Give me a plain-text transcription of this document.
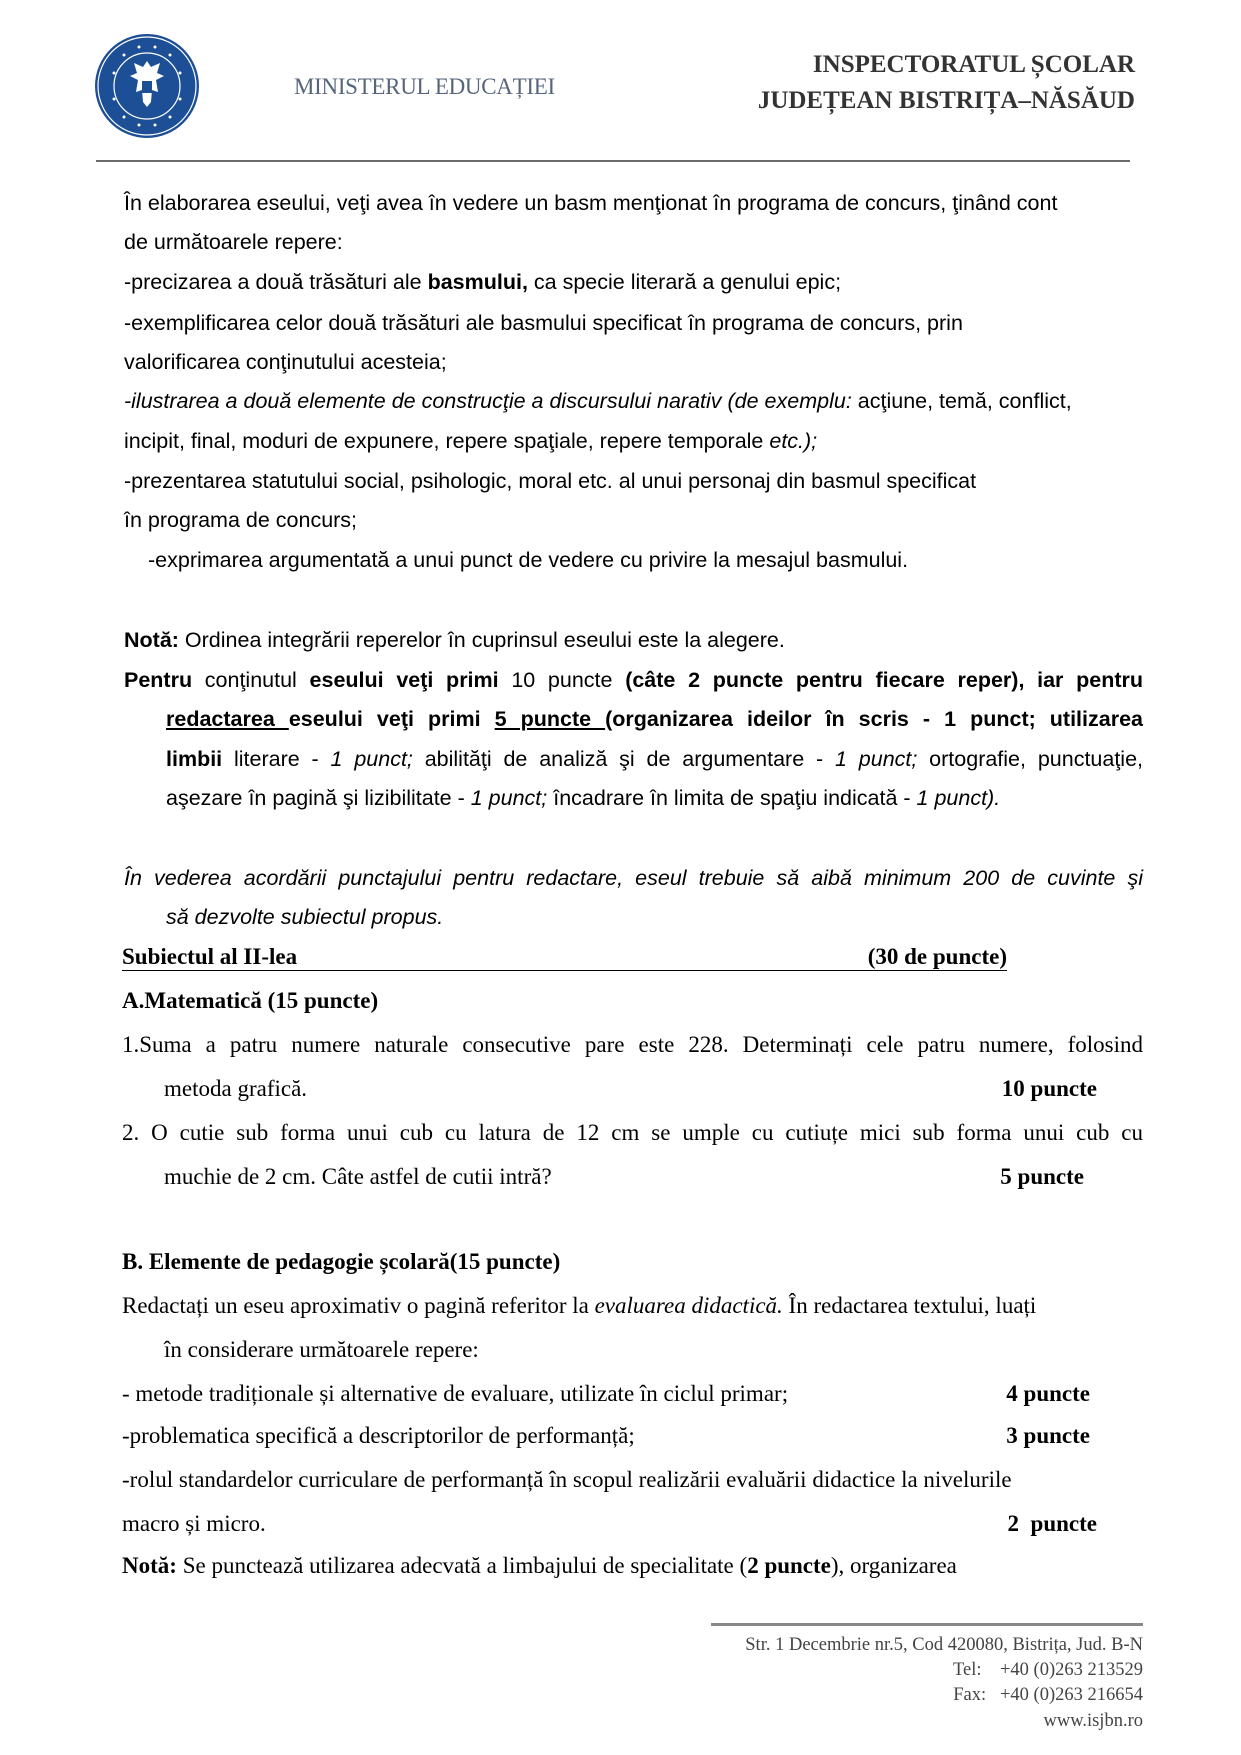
MINISTERUL EDUCAȚIEI
INSPECTORATUL ȘCOLAR
JUDEȚEAN BISTRIȚA–NĂSĂUD
În elaborarea eseului, veţi avea în vedere un basm menţionat în programa de concurs, ţinând cont
de următoarele repere:
-precizarea a două trăsături ale basmului, ca specie literară a genului epic;
-exemplificarea celor două trăsături ale basmului specificat în programa de concurs, prin
valorificarea conţinutului acesteia;
-ilustrarea a două elemente de construcţie a discursului narativ (de exemplu: acţiune, temă, conflict,
incipit, final, moduri de expunere, repere spaţiale, repere temporale etc.);
-prezentarea statutului social, psihologic, moral etc. al unui personaj din basmul specificat
în programa de concurs;
-exprimarea argumentată a unui punct de vedere cu privire la mesajul basmului.
Notă: Ordinea integrării reperelor în cuprinsul eseului este la alegere.
Pentru conţinutul eseului veţi primi 10 puncte (câte 2 puncte pentru fiecare reper), iar pentru
redactarea eseului veţi primi 5 puncte (organizarea ideilor în scris - 1 punct; utilizarea
limbii literare - 1 punct; abilităţi de analiză şi de argumentare - 1 punct; ortografie, punctuaţie,
aşezare în pagină şi lizibilitate - 1 punct; încadrare în limita de spaţiu indicată - 1 punct).
În vederea acordării punctajului pentru redactare, eseul trebuie să aibă minimum 200 de cuvinte şi
să dezvolte subiectul propus.
Subiectul al II-lea	(30 de puncte)
A.Matematică (15 puncte)
1.Suma a patru numere naturale consecutive pare este 228. Determinați cele patru numere, folosind
metoda grafică.
2. O cutie sub forma unui cub cu latura de 12 cm se umple cu cutiuțe mici sub forma unui cub cu
muchie de 2 cm. Câte astfel de cutii intră?
B. Elemente de pedagogie școlară(15 puncte)
Redactați un eseu aproximativ o pagină referitor la evaluarea didactică. În redactarea textului, luați
în considerare următoarele repere:
- metode tradiționale și alternative de evaluare, utilizate în ciclul primar;
-problematica specifică a descriptorilor de performanță;
-rolul standardelor curriculare de performanță în scopul realizării evaluării didactice la nivelurile
macro și micro.
Notă: Se punctează utilizarea adecvată a limbajului de specialitate (2 puncte), organizarea
10 puncte
5 puncte
4 puncte
3 puncte
2  puncte
Str. 1 Decembrie nr.5, Cod 420080, Bistrița, Jud. B-N
Tel:    +40 (0)263 213529
Fax:   +40 (0)263 216654
www.isjbn.ro
